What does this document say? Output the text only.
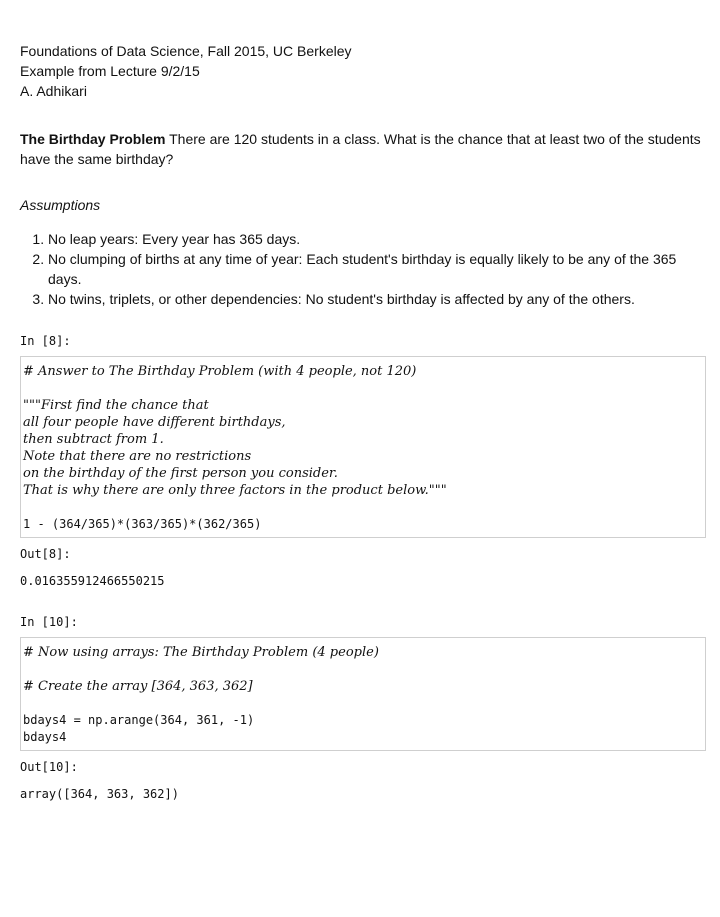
Foundations of Data Science, Fall 2015, UC Berkeley

Example from Lecture 9/2/15

A. Adhikari

The Birthday Problem There are 120 students in a class. What is the chance that at least two of the students have the same birthday?
Assumptions
1. No leap years: Every year has 365 days.
2. No clumping of births at any time of year: Each student's birthday is equally likely to be any of the 365 days.
3. No twins, triplets, or other dependencies: No student's birthday is affected by any of the others.
In [8]:
# Answer to The Birthday Problem (with 4 people, not 120)
"""First find the chance that
all four people have different birthdays,
then subtract from 1.
Note that there are no restrictions
on the birthday of the first person you consider.
That is why there are only three factors in the product below."""
1 - (364/365)*(363/365)*(362/365)
Out[8]:
0.016355912466550215
In [10]:
# Now using arrays: The Birthday Problem (4 people)
# Create the array [364, 363, 362]
bdays4 = np.arange(364, 361, -1)
bdays4
Out[10]:
array([364, 363, 362])
